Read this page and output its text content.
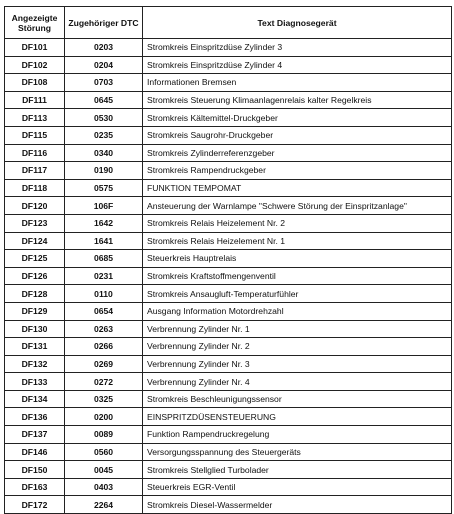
Angezeigte Störung	Zugehöriger DTC	Text Diagnosegerät
DF101	0203	Stromkreis Einspritzdüse Zylinder 3
DF102	0204	Stromkreis Einspritzdüse Zylinder 4
DF108	0703	Informationen Bremsen
DF111	0645	Stromkreis Steuerung Klimaanlagenrelais kalter Regelkreis
DF113	0530	Stromkreis Kältemittel-Druckgeber
DF115	0235	Stromkreis Saugrohr-Druckgeber
DF116	0340	Stromkreis Zylinderreferenzgeber
DF117	0190	Stromkreis Rampendruckgeber
DF118	0575	FUNKTION TEMPOMAT
DF120	106F	Ansteuerung der Warnlampe "Schwere Störung der Einspritzanlage"
DF123	1642	Stromkreis Relais Heizelement Nr. 2
DF124	1641	Stromkreis Relais Heizelement Nr. 1
DF125	0685	Steuerkreis Hauptrelais
DF126	0231	Stromkreis Kraftstoffmengenventil
DF128	0110	Stromkreis Ansaugluft-Temperaturfühler
DF129	0654	Ausgang Information Motordrehzahl
DF130	0263	Verbrennung Zylinder Nr. 1
DF131	0266	Verbrennung Zylinder Nr. 2
DF132	0269	Verbrennung Zylinder Nr. 3
DF133	0272	Verbrennung Zylinder Nr. 4
DF134	0325	Stromkreis Beschleunigungssensor
DF136	0200	EINSPRITZDÜSENSTEUERUNG
DF137	0089	Funktion Rampendruckregelung
DF146	0560	Versorgungsspannung des Steuergeräts
DF150	0045	Stromkreis Stellglied Turbolader
DF163	0403	Steuerkreis EGR-Ventil
DF172	2264	Stromkreis Diesel-Wassermelder
